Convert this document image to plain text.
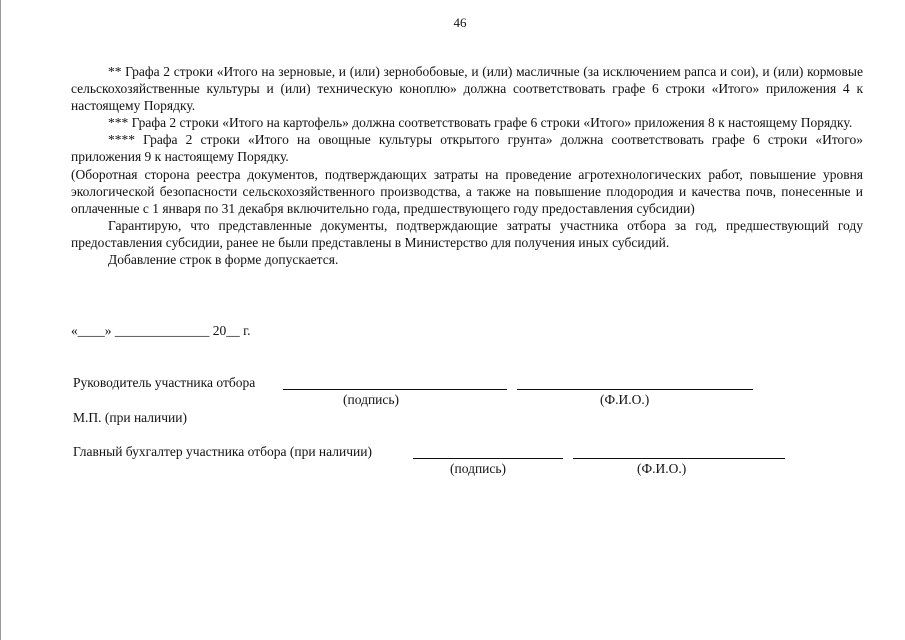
46

** Графа 2 строки «Итого на зерновые, и (или) зернобобовые, и (или) масличные (за исключением рапса и сои), и (или) кормовые сельскохозяйственные культуры и (или) техническую коноплю» должна соответствовать графе 6 строки «Итого» приложения 4 к настоящему Порядку.

*** Графа 2 строки «Итого на картофель» должна соответствовать графе 6 строки «Итого» приложения 8 к настоящему Порядку.

**** Графа 2 строки «Итого на овощные культуры открытого грунта» должна соответствовать графе 6 строки «Итого» приложения 9 к настоящему Порядку.

(Оборотная сторона реестра документов, подтверждающих затраты на проведение агротехнологических работ, повышение уровня экологической безопасности сельскохозяйственного производства, а также на повышение плодородия и качества почв, понесенные и оплаченные с 1 января по 31 декабря включительно года, предшествующего году предоставления субсидии)

Гарантирую, что представленные документы, подтверждающие затраты участника отбора за год, предшествующий году предоставления субсидии, ранее не были представлены в Министерство для получения иных субсидий.

Добавление строк в форме допускается.

«____» ______________ 20__ г.
Руководитель участника отбора
(подпись)	(Ф.И.О.)
М.П. (при наличии)
Главный бухгалтер участника отбора (при наличии)
(подпись)	(Ф.И.О.)
